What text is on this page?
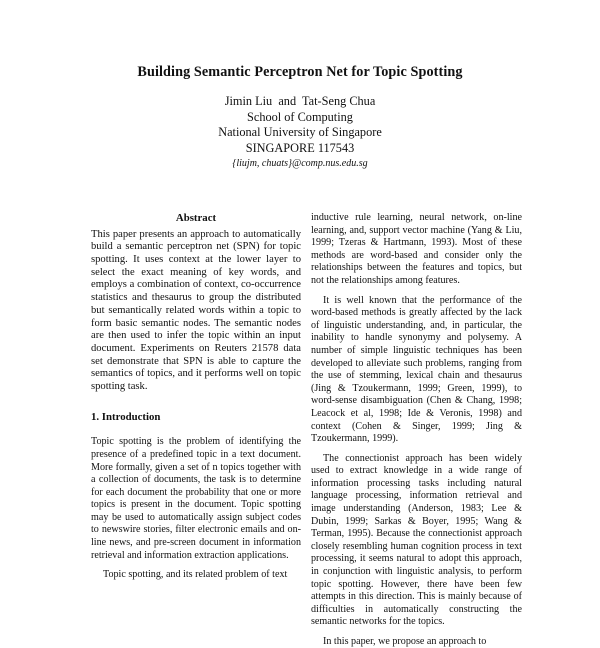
Building Semantic Perceptron Net for Topic Spotting
Jimin Liu  and  Tat-Seng Chua
School of Computing
National University of Singapore
SINGAPORE 117543
{liujm, chuats}@comp.nus.edu.sg
Abstract

This paper presents an approach to automatically build a semantic perceptron net (SPN) for topic spotting. It uses context at the lower layer to select the exact meaning of key words, and employs a combination of context, co-occurrence statistics and thesaurus to group the distributed but semantically related words within a topic to form basic semantic nodes. The semantic nodes are then used to infer the topic within an input document. Experiments on Reuters 21578 data set demonstrate that SPN is able to capture the semantics of topics, and it performs well on topic spotting task.

1. Introduction

Topic spotting is the problem of identifying the presence of a predefined topic in a text document. More formally, given a set of n topics together with a collection of documents, the task is to determine for each document the probability that one or more topics is present in the document. Topic spotting may be used to automatically assign subject codes to newswire stories, filter electronic emails and on-line news, and pre-screen document in information retrieval and information extraction applications.

Topic spotting, and its related problem of text

inductive rule learning, neural network, on-line learning, and, support vector machine (Yang & Liu, 1999; Tzeras & Hartmann, 1993). Most of these methods are word-based and consider only the relationships between the features and topics, but not the relationships among features.

It is well known that the performance of the word-based methods is greatly affected by the lack of linguistic understanding, and, in particular, the inability to handle synonymy and polysemy. A number of simple linguistic techniques has been developed to alleviate such problems, ranging from the use of stemming, lexical chain and thesaurus (Jing & Tzoukermann, 1999; Green, 1999), to word-sense disambiguation (Chen & Chang, 1998; Leacock et al, 1998; Ide & Veronis, 1998) and context (Cohen & Singer, 1999; Jing & Tzoukermann, 1999).

The connectionist approach has been widely used to extract knowledge in a wide range of information processing tasks including natural language processing, information retrieval and image understanding (Anderson, 1983; Lee & Dubin, 1999; Sarkas & Boyer, 1995; Wang & Terman, 1995). Because the connectionist approach closely resembling human cognition process in text processing, it seems natural to adopt this approach, in conjunction with linguistic analysis, to perform topic spotting. However, there have been few attempts in this direction. This is mainly because of difficulties in automatically constructing the semantic networks for the topics.

In this paper, we propose an approach to
